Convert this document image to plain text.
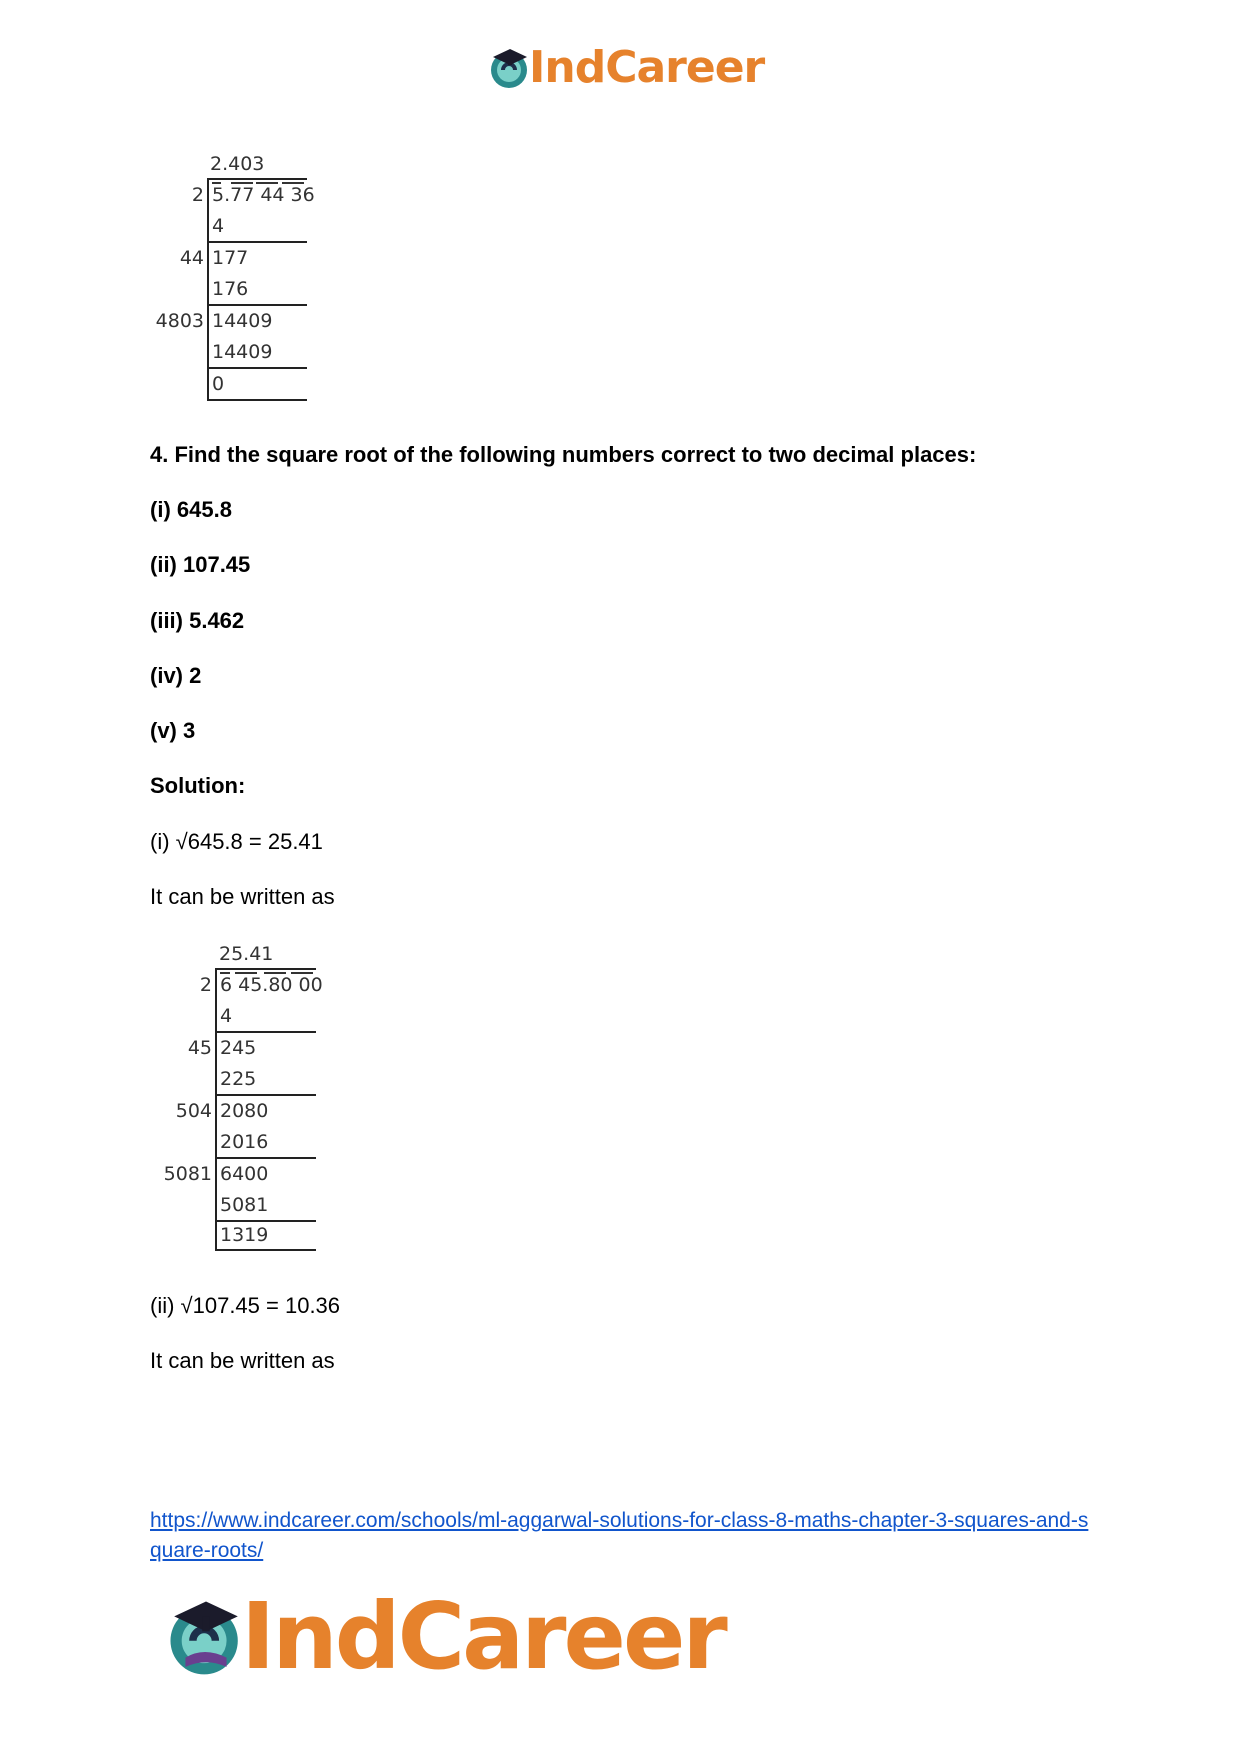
IndCareer
2.403
2 5.77 44 36
4
44 177
176
4803 14409
14409
0
4. Find the square root of the following numbers correct to two decimal places:
(i) 645.8
(ii) 107.45
(iii) 5.462
(iv) 2
(v) 3
Solution:
(i) √645.8 = 25.41
It can be written as
25.41
2 6 45.80 00
4
45 245
225
504 2080
2016
5081 6400
5081
1319
(ii) √107.45 = 10.36
It can be written as
https://www.indcareer.com/schools/ml-aggarwal-solutions-for-class-8-maths-chapter-3-squares-and-square-roots/
IndCareer
